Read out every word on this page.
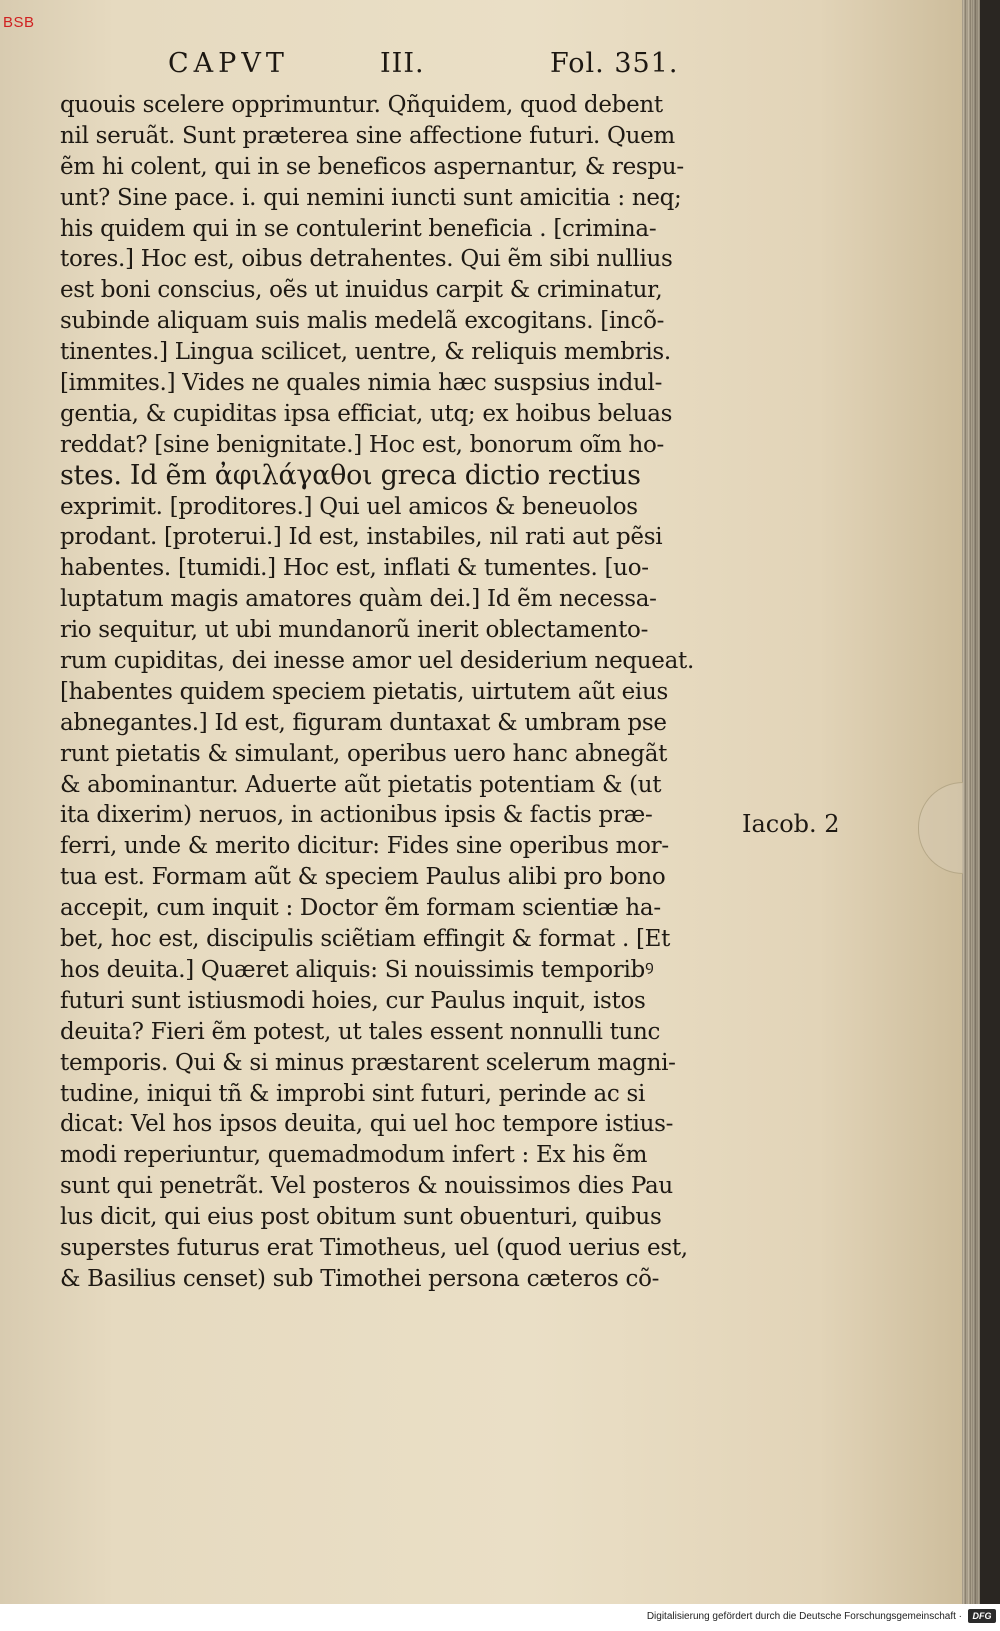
BSB
CAPVT	III.	Fol. 351.
quouis scelere opprimuntur. Qñquidem, quod debent
nil seruãt. Sunt præterea sine affectione futuri. Quem
ẽm hi colent, qui in se beneficos aspernantur, & respu‑
unt? Sine pace. i. qui nemini iuncti sunt amicitia : neq;
his quidem qui in se contulerint beneficia . [crimina‑
tores.] Hoc est, oibus detrahentes. Qui ẽm sibi nullius
est boni conscius, oẽs ut inuidus carpit & criminatur,
subinde aliquam suis malis medelã excogitans. [incõ‑
tinentes.] Lingua scilicet, uentre, & reliquis membris.
[immites.] Vides ne quales nimia hæc suspsius indul‑
gentia, & cupiditas ipsa efficiat, utq; ex hoibus beluas
reddat? [sine benignitate.] Hoc est, bonorum oĩm ho‑
stes. Id ẽm ἀφιλάγαθοι greca dictio rectius
exprimit. [proditores.] Qui uel amicos & beneuolos
prodant. [proterui.] Id est, instabiles, nil rati aut pẽsi
habentes. [tumidi.] Hoc est, inflati & tumentes. [uo‑
luptatum magis amatores quàm dei.] Id ẽm necessa‑
rio sequitur, ut ubi mundanorũ inerit oblectamento‑
rum cupiditas, dei inesse amor uel desiderium nequeat.
[habentes quidem speciem pietatis, uirtutem aũt eius
abnegantes.] Id est, figuram duntaxat & umbram pse
runt pietatis & simulant, operibus uero hanc abnegãt
& abominantur. Aduerte aũt pietatis potentiam & (ut
ita dixerim) neruos, in actionibus ipsis & factis præ‑
ferri, unde & merito dicitur: Fides sine operibus mor‑
tua est. Formam aũt & speciem Paulus alibi pro bono
accepit, cum inquit : Doctor ẽm formam scientiæ ha‑
bet, hoc est, discipulis sciẽtiam effingit & format . [Et
hos deuita.] Quæret aliquis: Si nouissimis temporibꝰ
futuri sunt istiusmodi hoies, cur Paulus inquit, istos
deuita? Fieri ẽm potest, ut tales essent nonnulli tunc
temporis. Qui & si minus præstarent scelerum magni‑
tudine, iniqui tñ & improbi sint futuri, perinde ac si
dicat: Vel hos ipsos deuita, qui uel hoc tempore istius‑
modi reperiuntur, quemadmodum infert : Ex his ẽm
sunt qui penetrãt. Vel posteros & nouissimos dies Pau
lus dicit, qui eius post obitum sunt obuenturi, quibus
superstes futurus erat Timotheus, uel (quod uerius est,
& Basilius censet) sub Timothei persona cæteros cõ‑
Iacob. 2
Digitalisierung gefördert durch die Deutsche Forschungsgemeinschaft ·	DFG
